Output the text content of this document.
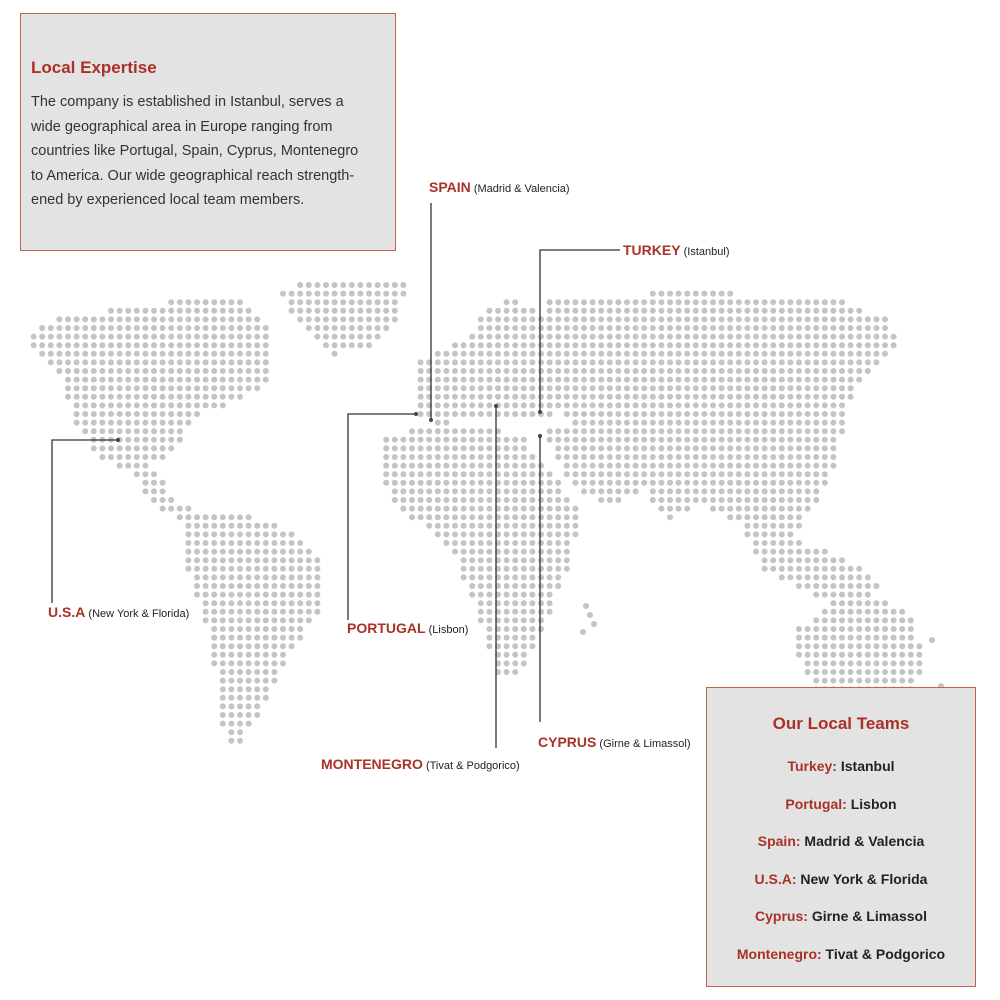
Local Expertise

The company is established in Istanbul, serves a
wide geographical area in Europe ranging from
countries like Portugal, Spain, Cyprus, Montenegro
to America. Our wide geographical reach strength-
ened by experienced local team members.

SPAIN (Madrid & Valencia)
TURKEY (Istanbul)
U.S.A (New York & Florida)
PORTUGAL (Lisbon)
CYPRUS (Girne & Limassol)
MONTENEGRO (Tivat & Podgorico)
Our Local Teams
Turkey: Istanbul
Portugal: Lisbon
Spain: Madrid & Valencia
U.S.A: New York & Florida
Cyprus: Girne & Limassol
Montenegro: Tivat & Podgorico
